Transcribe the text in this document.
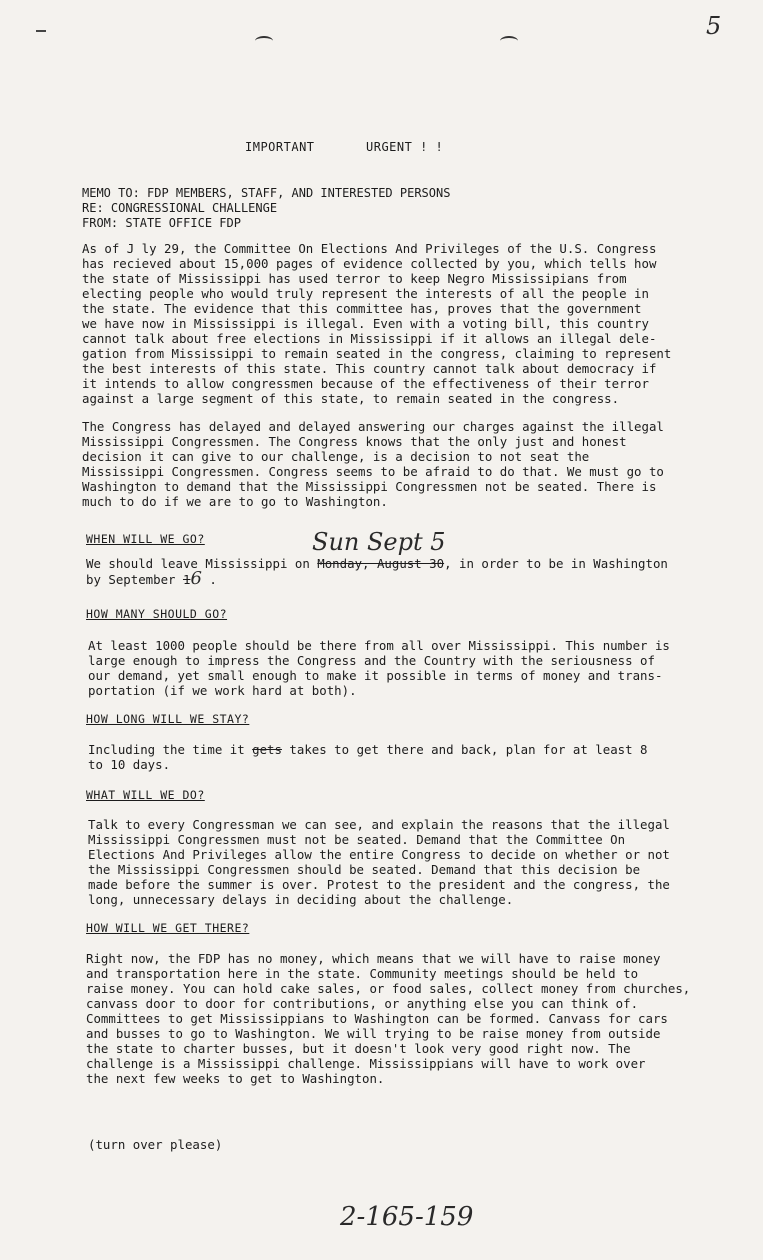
5
IMPORTANT	URGENT ! !
MEMO TO: FDP MEMBERS, STAFF, AND INTERESTED PERSONS
RE: CONGRESSIONAL CHALLENGE
FROM: STATE OFFICE FDP
As of J ly 29, the Committee On Elections And Privileges of the U.S. Congress
has recieved about 15,000 pages of evidence collected by you, which tells how
the state of Mississippi has used terror to keep Negro Mississipians from
electing people who would truly represent the interests of all the people in
the state. The evidence that this committee has, proves that the government
we have now in Mississippi is illegal. Even with a voting bill, this country
cannot talk about free elections in Mississippi if it allows an illegal dele-
gation from Mississippi to remain seated in the congress, claiming to represent
the best interests of this state. This country cannot talk about democracy if
it intends to allow congressmen because of the effectiveness of their terror
against a large segment of this state, to remain seated in the congress.
The Congress has delayed and delayed answering our charges against the illegal
Mississippi Congressmen. The Congress knows that the only just and honest
decision it can give to our challenge, is a decision to not seat the
Mississippi Congressmen. Congress seems to be afraid to do that. We must go to
Washington to demand that the Mississippi Congressmen not be seated. There is
much to do if we are to go to Washington.
WHEN WILL WE GO?	Sun Sept 5
We should leave Mississippi on Monday, August 30, in order to be in Washington
by September 16 .
HOW MANY SHOULD GO?
At least 1000 people should be there from all over Mississippi. This number is
large enough to impress the Congress and the Country with the seriousness of
our demand, yet small enough to make it possible in terms of money and trans-
portation (if we work hard at both).
HOW LONG WILL WE STAY?
Including the time it gets takes to get there and back, plan for at least 8
to 10 days.
WHAT WILL WE DO?
Talk to every Congressman we can see, and explain the reasons that the illegal
Mississippi Congressmen must not be seated. Demand that the Committee On
Elections And Privileges allow the entire Congress to decide on whether or not
the Mississippi Congressmen should be seated. Demand that this decision be
made before the summer is over. Protest to the president and the congress, the
long, unnecessary delays in deciding about the challenge.
HOW WILL WE GET THERE?
Right now, the FDP has no money, which means that we will have to raise money
and transportation here in the state. Community meetings should be held to
raise money. You can hold cake sales, or food sales, collect money from churches,
canvass door to door for contributions, or anything else you can think of.
Committees to get Mississippians to Washington can be formed. Canvass for cars
and busses to go to Washington. We will trying to be raise money from outside
the state to charter busses, but it doesn't look very good right now. The
challenge is a Mississippi challenge. Mississippians will have to work over
the next few weeks to get to Washington.
(turn over please)
2-165-159
